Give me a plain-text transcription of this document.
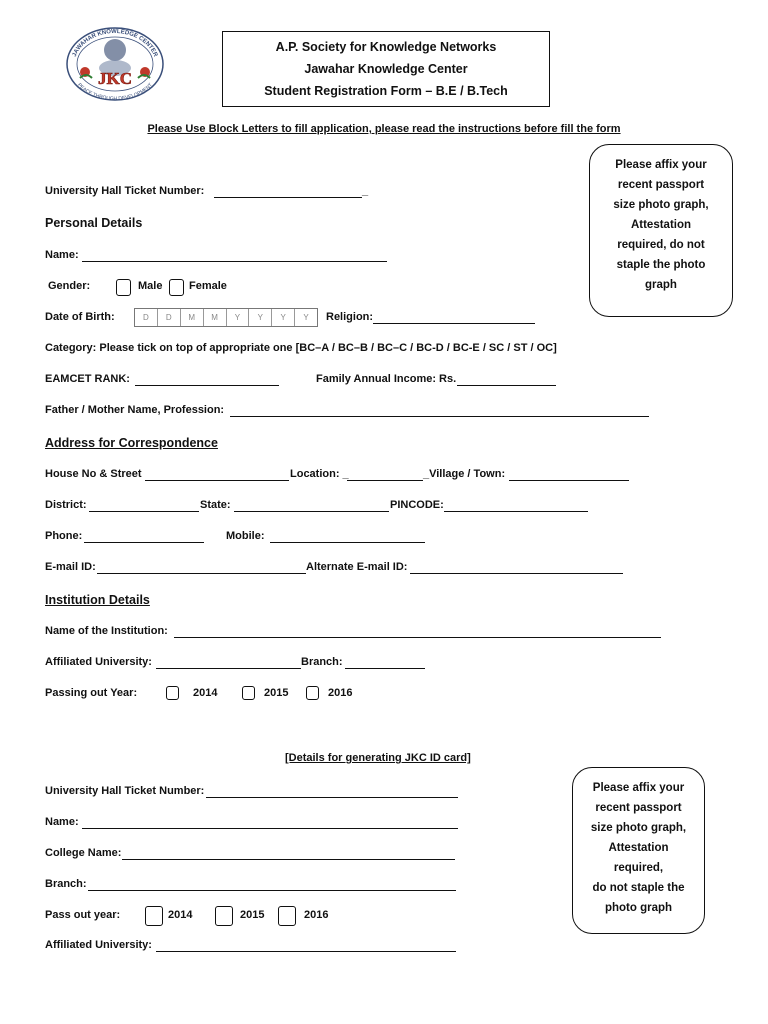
JAWAHAR KNOWLEDGE CENTER
PEACE THROUGH DEVELOPMENT
JKC
A.P. Society for Knowledge Networks
Jawahar Knowledge Center
Student Registration Form – B.E / B.Tech
Please Use Block Letters to fill application, please read the instructions before fill the form
Please affix your
recent passport
size photo graph,
Attestation
required, do not
staple the photo
graph
University Hall Ticket Number:	_
Personal Details
Name:
Gender:	Male Female
Date of Birth:	D	D	M	M	Y	Y	Y	Y	Religion:
Category: Please tick on top of appropriate one [BC–A / BC–B / BC–C / BC-D / BC-E / SC / ST / OC]
EAMCET RANK:	Family Annual Income: Rs.
Father / Mother Name, Profession:
Address for Correspondence
House No & Street	Location: _	_Village / Town:
District:	State:	PINCODE:
Phone:	Mobile:
E-mail ID:	Alternate E-mail ID:
Institution Details
Name of the Institution:
Affiliated University:	Branch:
Passing out Year:	2014	2015	2016
[Details for generating JKC ID card]
Please affix your
recent passport
size photo graph,
Attestation
required,
do not staple the
photo graph
University Hall Ticket Number:
Name:
College Name:
Branch:
Pass out year:	2014	2015	2016
Affiliated University:
